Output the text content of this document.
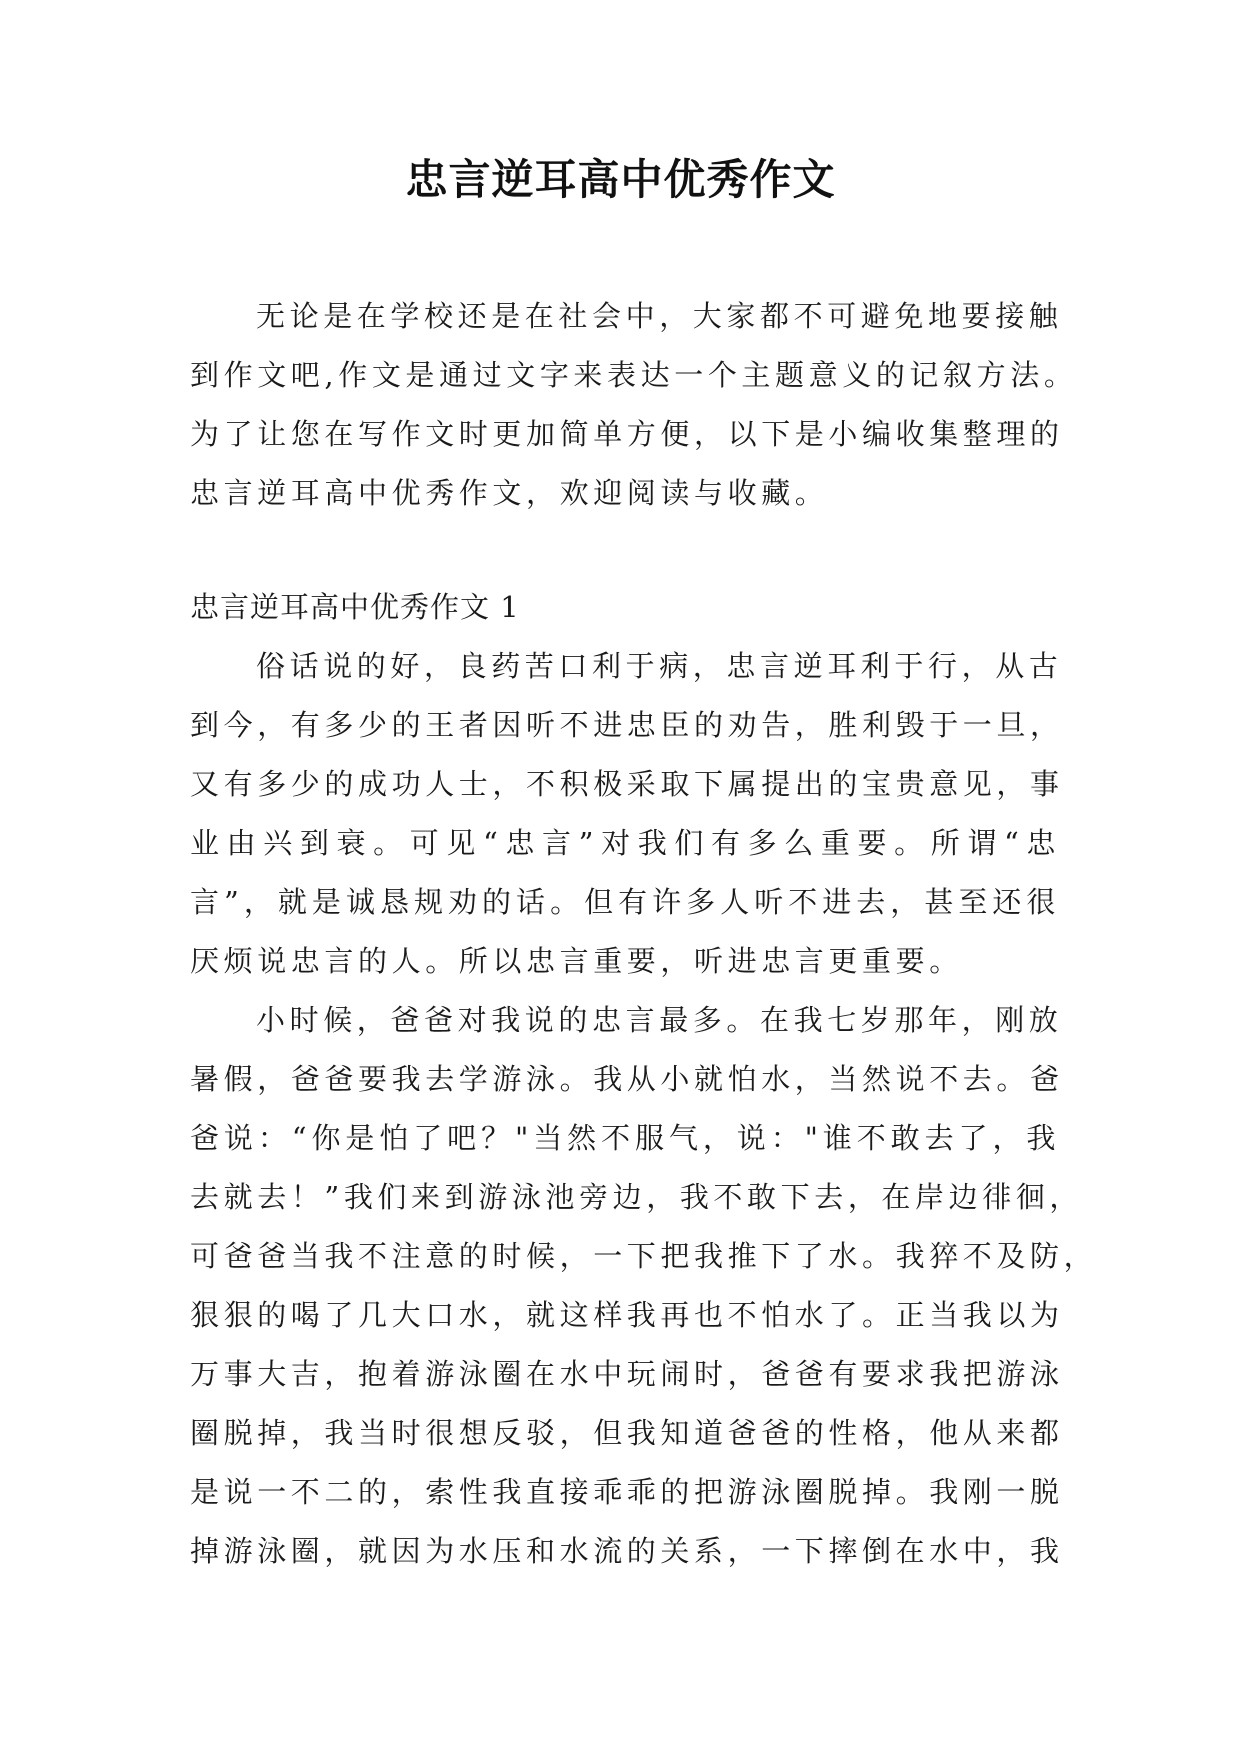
忠言逆耳高中优秀作文
无论是在学校还是在社会中，大家都不可避免地要接触
到作文吧,作文是通过文字来表达一个主题意义的记叙方法。
为了让您在写作文时更加简单方便，以下是小编收集整理的
忠言逆耳高中优秀作文，欢迎阅读与收藏。
忠言逆耳高中优秀作文 1
俗话说的好，良药苦口利于病，忠言逆耳利于行，从古
到今，有多少的王者因听不进忠臣的劝告，胜利毁于一旦，
又有多少的成功人士，不积极采取下属提出的宝贵意见，事
业由兴到衰。可见“忠言”对我们有多么重要。所谓“忠
言”，就是诚恳规劝的话。但有许多人听不进去，甚至还很
厌烦说忠言的人。所以忠言重要，听进忠言更重要。
小时候，爸爸对我说的忠言最多。在我七岁那年，刚放
暑假，爸爸要我去学游泳。我从小就怕水，当然说不去。爸
爸说：“你是怕了吧？"当然不服气，说："谁不敢去了，我
去就去！”我们来到游泳池旁边，我不敢下去，在岸边徘徊，
可爸爸当我不注意的时候，一下把我推下了水。我猝不及防，
狠狠的喝了几大口水，就这样我再也不怕水了。正当我以为
万事大吉，抱着游泳圈在水中玩闹时，爸爸有要求我把游泳
圈脱掉，我当时很想反驳，但我知道爸爸的性格，他从来都
是说一不二的，索性我直接乖乖的把游泳圈脱掉。我刚一脱
掉游泳圈，就因为水压和水流的关系，一下摔倒在水中，我
